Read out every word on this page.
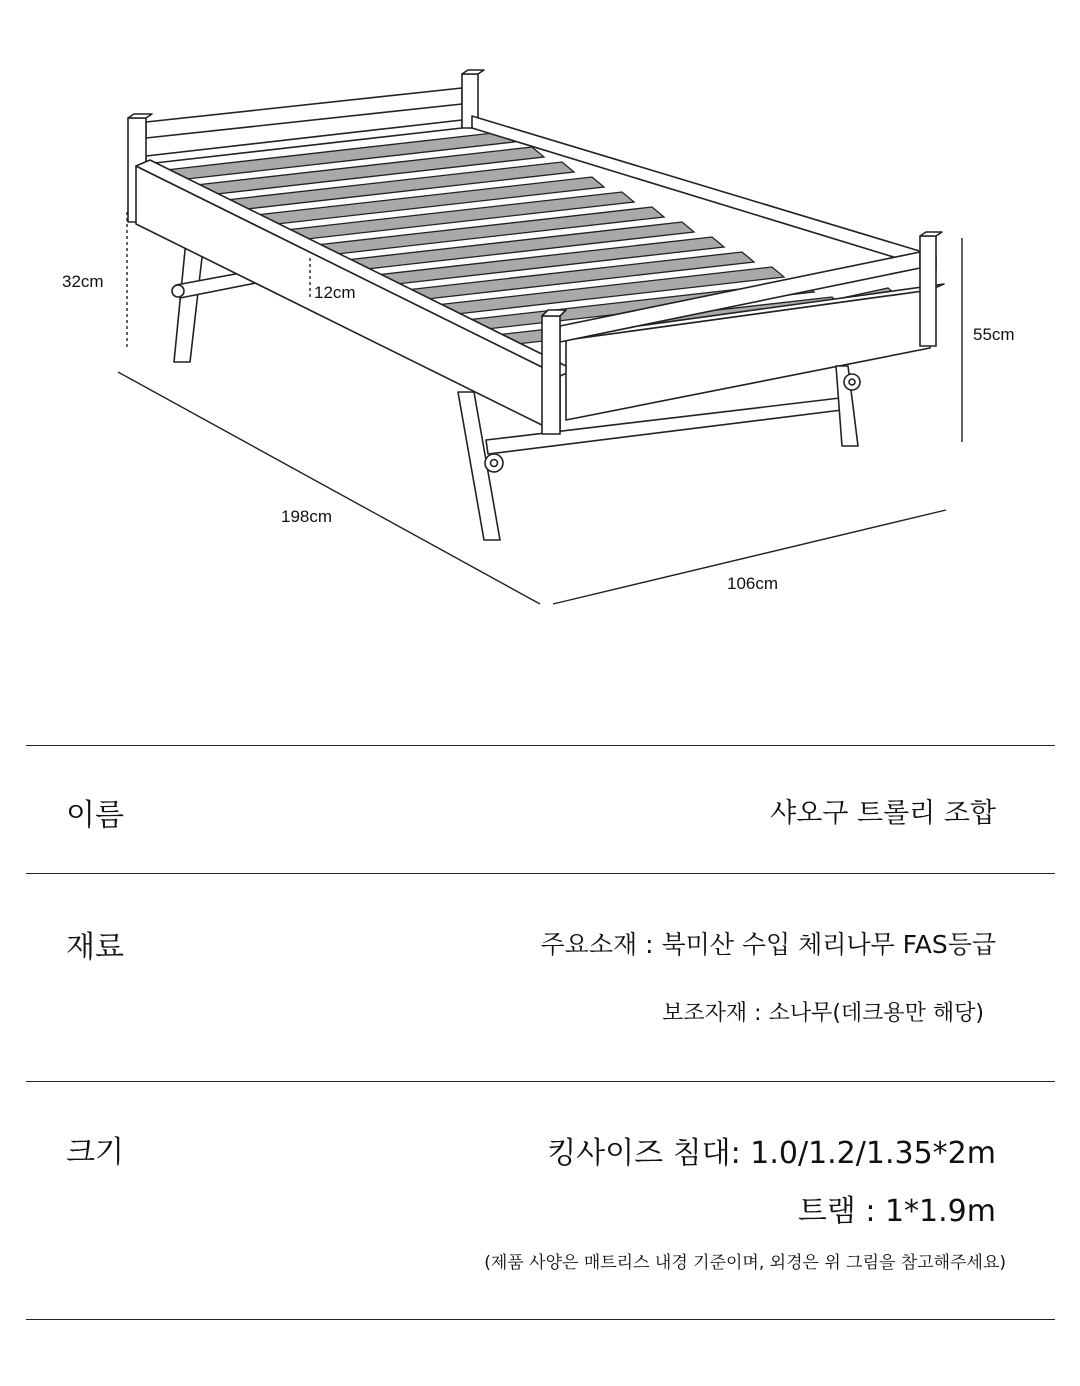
32cm
12cm
55cm
198cm
106cm
이름	샤오구 트롤리 조합
재료	주요소재 : 북미산 수입 체리나무 FAS등급
보조자재 : 소나무(데크용만 해당)
크기	킹사이즈 침대: 1.0/1.2/1.35*2m
트램 : 1*1.9m
(제품 사양은 매트리스 내경 기준이며, 외경은 위 그림을 참고해주세요)
